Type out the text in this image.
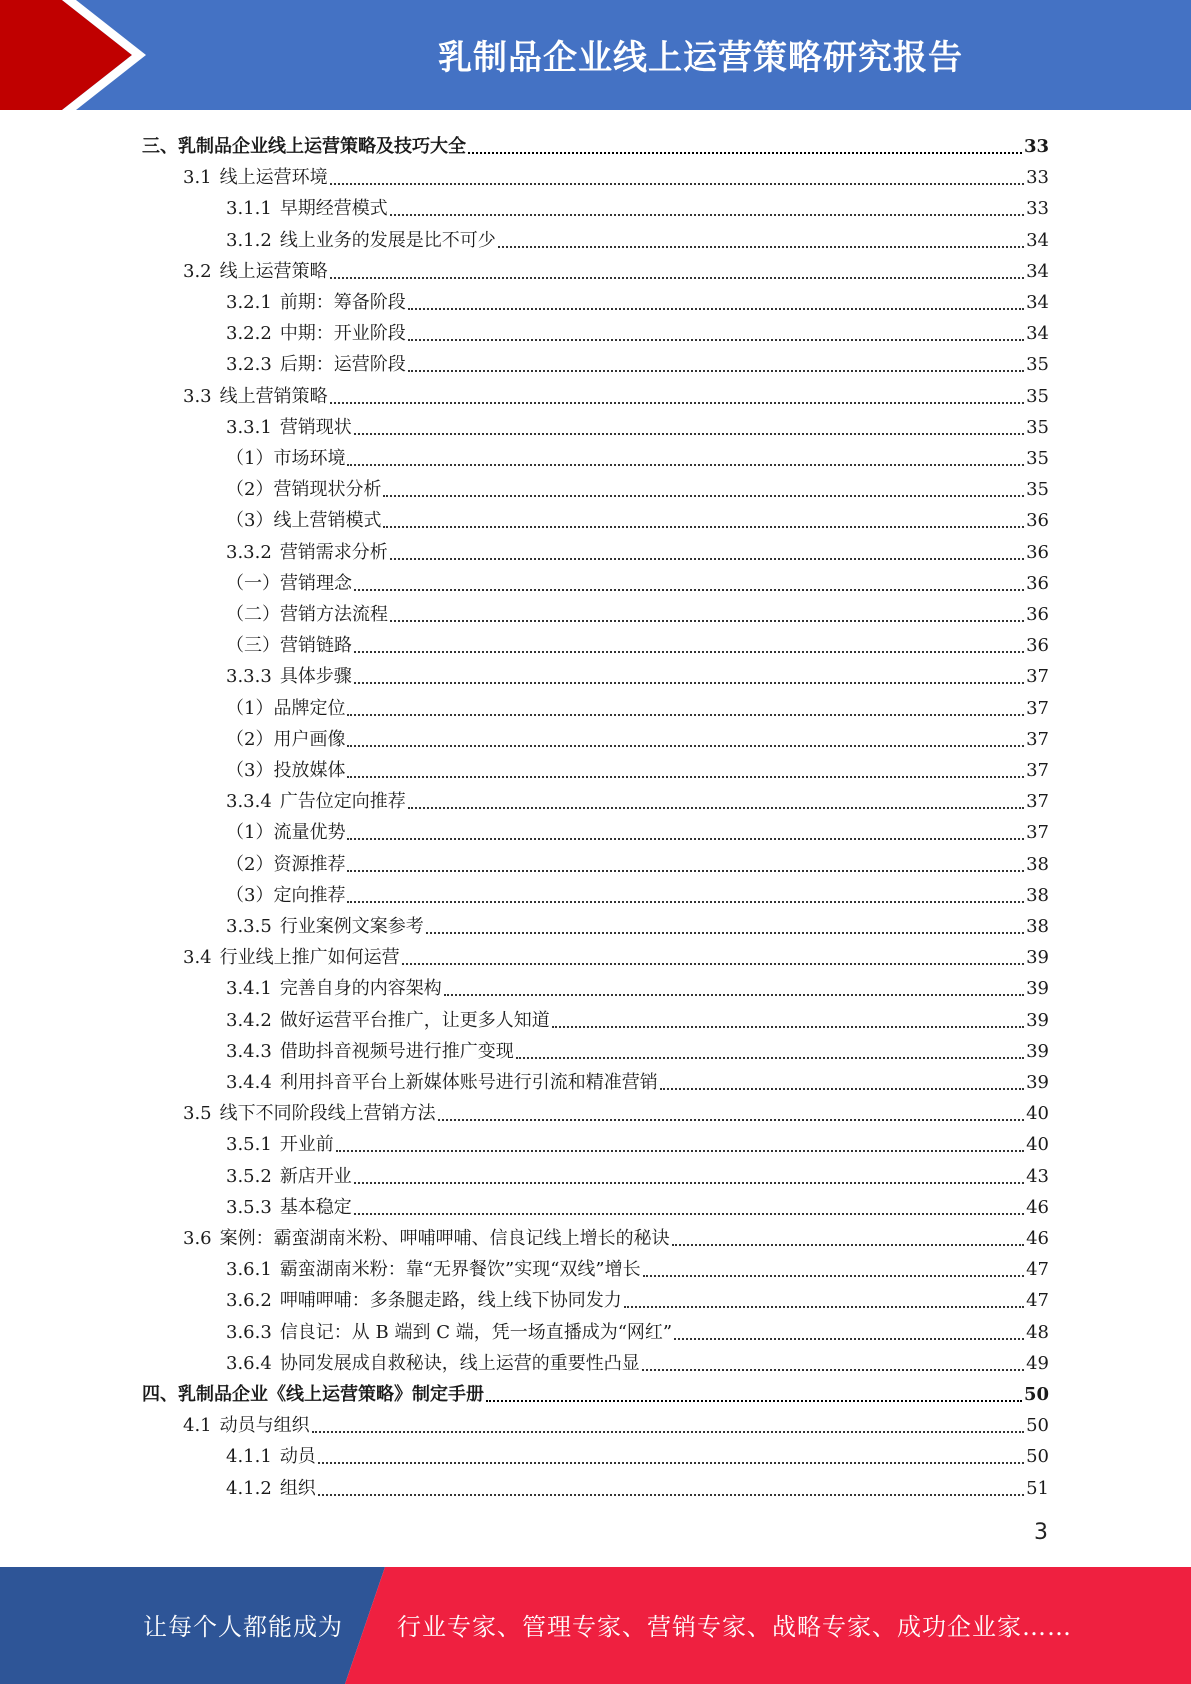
乳制品企业线上运营策略研究报告
三、乳制品企业线上运营策略及技巧大全	33
3.1 线上运营环境	33
3.1.1 早期经营模式	33
3.1.2 线上业务的发展是比不可少	34
3.2 线上运营策略	34
3.2.1 前期：筹备阶段	34
3.2.2 中期：开业阶段	34
3.2.3 后期：运营阶段	35
3.3 线上营销策略	35
3.3.1 营销现状	35
（1）市场环境	35
（2）营销现状分析	35
（3）线上营销模式	36
3.3.2 营销需求分析	36
（一）营销理念	36
（二）营销方法流程	36
（三）营销链路	36
3.3.3 具体步骤	37
（1）品牌定位	37
（2）用户画像	37
（3）投放媒体	37
3.3.4 广告位定向推荐	37
（1）流量优势	37
（2）资源推荐	38
（3）定向推荐	38
3.3.5 行业案例文案参考	38
3.4 行业线上推广如何运营	39
3.4.1 完善自身的内容架构	39
3.4.2 做好运营平台推广，让更多人知道	39
3.4.3 借助抖音视频号进行推广变现	39
3.4.4 利用抖音平台上新媒体账号进行引流和精准营销	39
3.5 线下不同阶段线上营销方法	40
3.5.1 开业前	40
3.5.2 新店开业	43
3.5.3 基本稳定	46
3.6 案例：霸蛮湖南米粉、呷哺呷哺、信良记线上增长的秘诀	46
3.6.1 霸蛮湖南米粉：靠“无界餐饮”实现“双线”增长	47
3.6.2 呷哺呷哺：多条腿走路，线上线下协同发力	47
3.6.3 信良记：从 B 端到 C 端，凭一场直播成为“网红”	48
3.6.4 协同发展成自救秘诀，线上运营的重要性凸显	49
四、乳制品企业《线上运营策略》制定手册	50
4.1 动员与组织	50
4.1.1 动员	50
4.1.2 组织	51
3
让每个人都能成为 行业专家、管理专家、营销专家、战略专家、成功企业家……
